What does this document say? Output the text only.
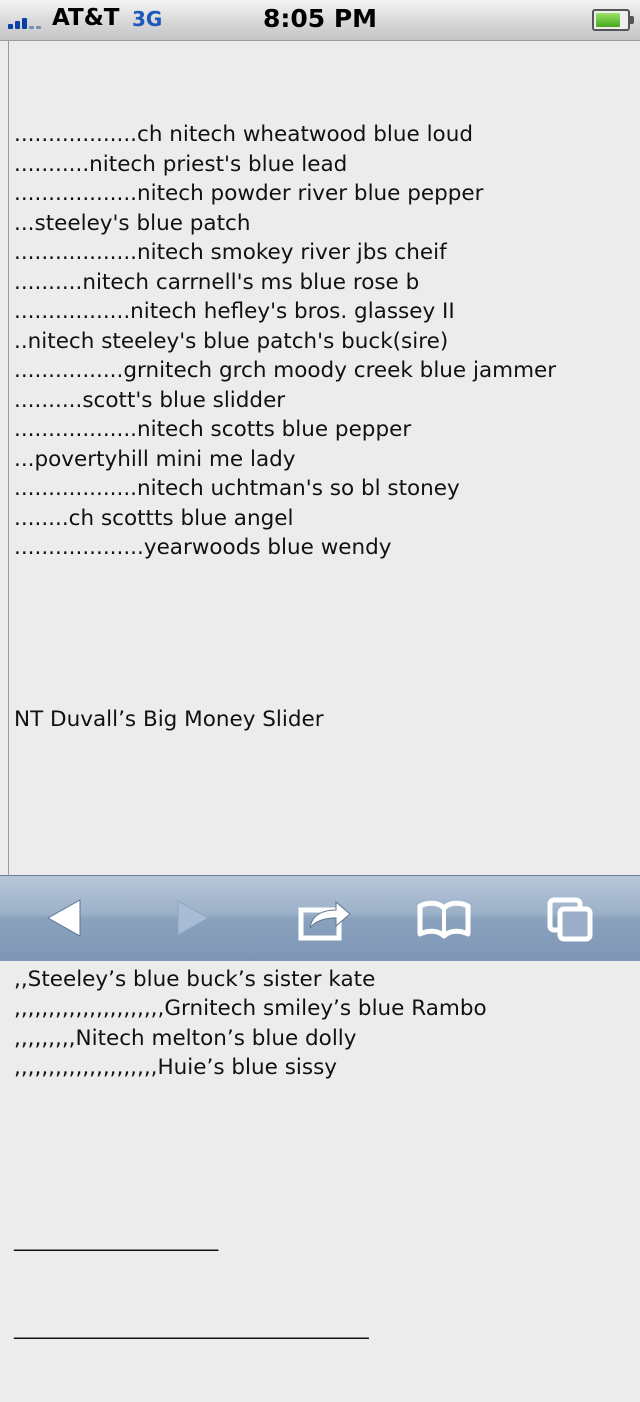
AT&T 3G	8:05 PM

..................ch nitech wheatwood blue loud
...........nitech priest's blue lead
..................nitech powder river blue pepper
...steeley's blue patch
..................nitech smokey river jbs cheif
..........nitech carrnell's ms blue rose b
.................nitech hefley's bros. glassey II
..nitech steeley's blue patch's buck(sire)
................grnitech grch moody creek blue jammer
..........scott's blue slidder
..................nitech scotts blue pepper
...povertyhill mini me lady
..................nitech uchtman's so bl stoney
........ch scottts blue angel
...................yearwoods blue wendy

NT Duvall’s Big Money Slider

,,Steeley’s blue buck’s sister kate
,,,,,,,,,,,,,,,,,,,,,,Grnitech smiley’s blue Rambo
,,,,,,,,,Nitech melton’s blue dolly
,,,,,,,,,,,,,,,,,,,,,Huie’s blue sissy

___________________

_________________________________
